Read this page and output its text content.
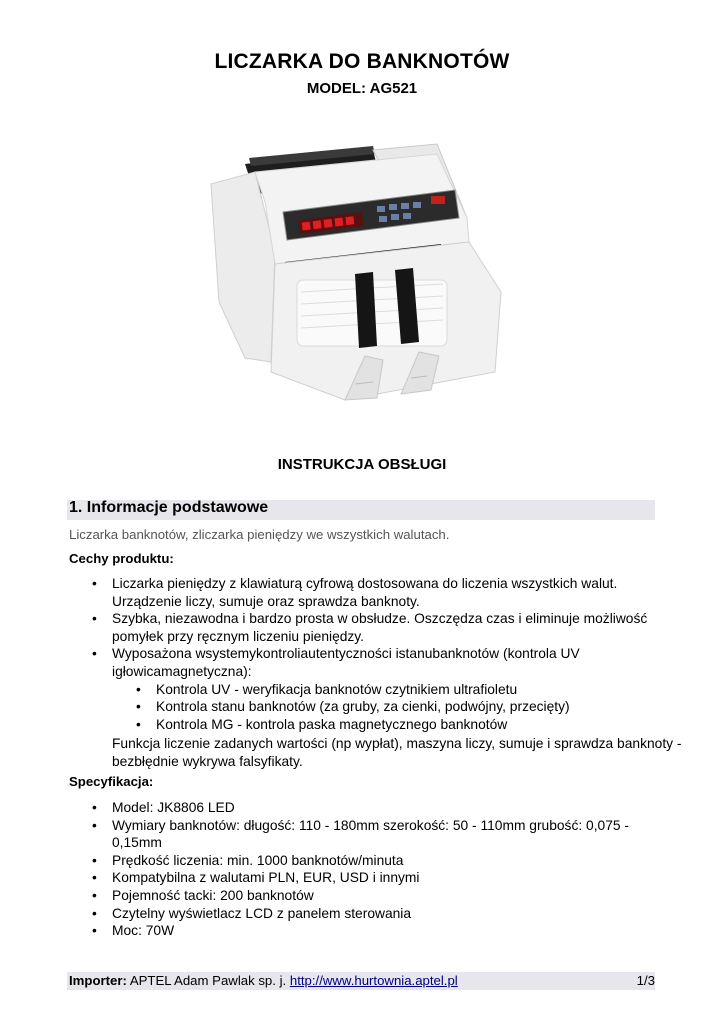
LICZARKA DO BANKNOTÓW
MODEL: AG521
INSTRUKCJA OBSŁUGI
1. Informacje podstawowe
Liczarka banknotów, zliczarka pieniędzy we wszystkich walutach.
Cechy produktu:
• Liczarka pieniędzy z klawiaturą cyfrową dostosowana do liczenia wszystkich walut. Urządzenie liczy, sumuje oraz sprawdza banknoty.
• Szybka, niezawodna i bardzo prosta w obsłudze. Oszczędza czas i eliminuje możliwość pomyłek przy ręcznym liczeniu pieniędzy.
• Wyposażona wsystemykontroliautentyczności istanubanknotów (kontrola UV igłowicamagnetyczna):
• Kontrola UV - weryfikacja banknotów czytnikiem ultrafioletu
• Kontrola stanu banknotów (za gruby, za cienki, podwójny, przecięty)
• Kontrola MG - kontrola paska magnetycznego banknotów
Funkcja liczenie zadanych wartości (np wypłat), maszyna liczy, sumuje i sprawdza banknoty - bezbłędnie wykrywa falsyfikaty.
Specyfikacja:
• Model: JK8806 LED
• Wymiary banknotów: długość: 110 - 180mm szerokość: 50 - 110mm grubość: 0,075 - 0,15mm
• Prędkość liczenia: min. 1000 banknotów/minuta
• Kompatybilna z walutami PLN, EUR, USD i innymi
• Pojemność tacki: 200 banknotów
• Czytelny wyświetlacz LCD z panelem sterowania
• Moc: 70W
Importer: APTEL Adam Pawlak sp. j. http://www.hurtownia.aptel.pl	1/3
